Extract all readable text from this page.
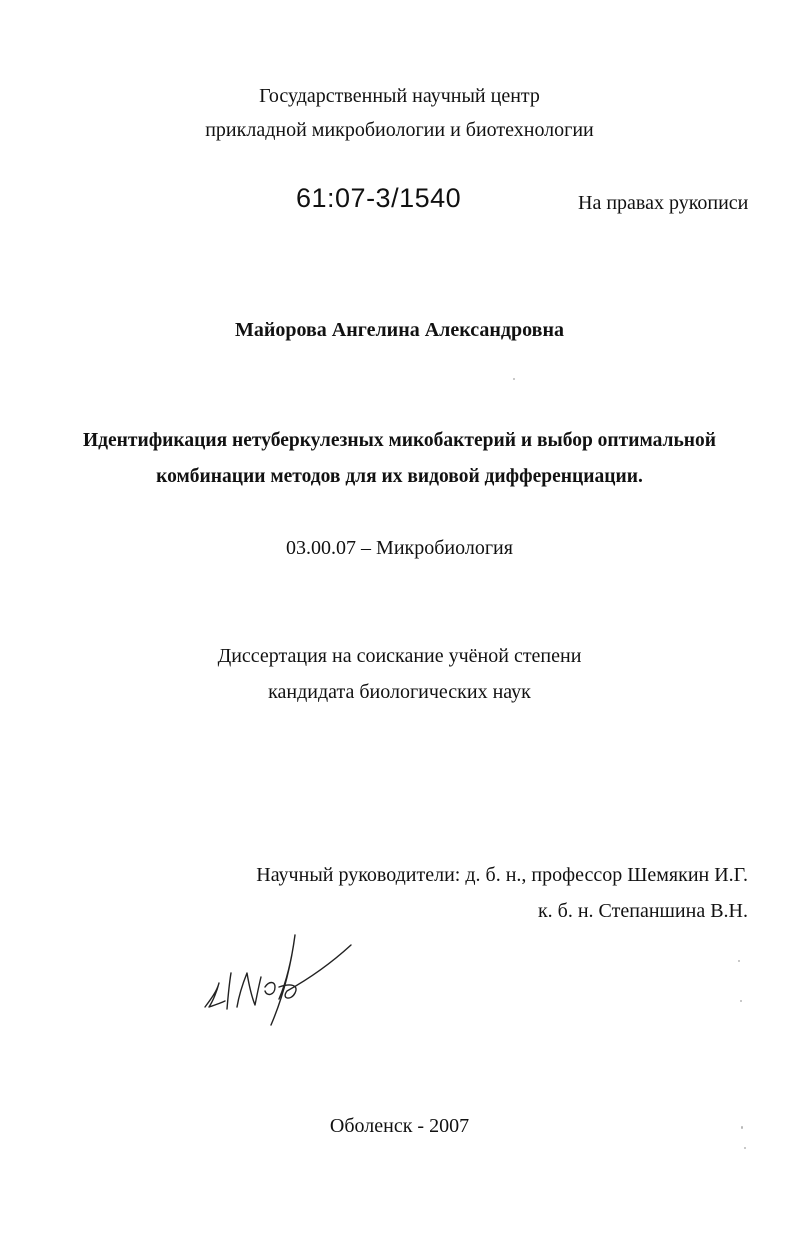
Государственный научный центр
прикладной микробиологии и биотехнологии
61:07-3/1540	На правах рукописи
Майорова Ангелина Александровна
Идентификация нетуберкулезных микобактерий и выбор оптимальной
комбинации методов для их видовой дифференциации.
03.00.07 – Микробиология
Диссертация на соискание учёной степени
кандидата биологических наук
Научный руководители: д. б. н., профессор Шемякин И.Г.
к. б. н. Степаншина В.Н.
Оболенск - 2007
